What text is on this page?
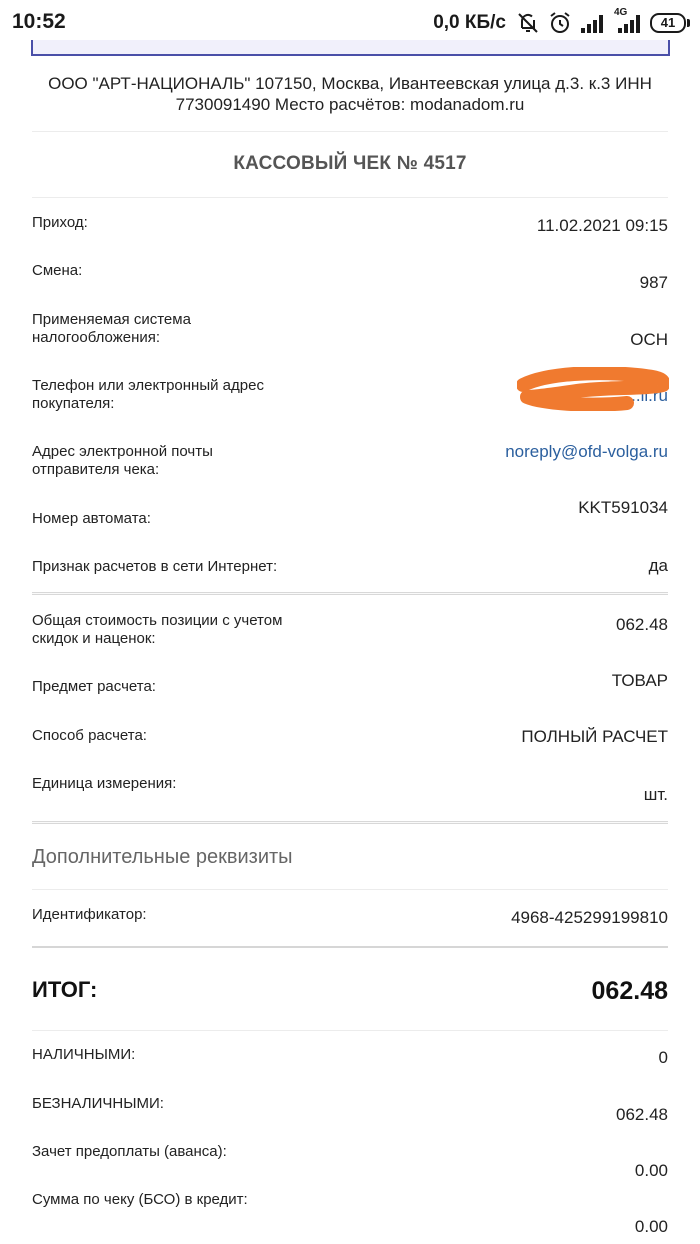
10:52	0,0 КБ/с	4G
41
ООО "АРТ-НАЦИОНАЛЬ" 107150, Москва, Ивантеевская улица д.3. к.3 ИНН 7730091490 Место расчётов: modanadom.ru
КАССОВЫЙ ЧЕК № 4517
Приход:	11.02.2021 09:15
Смена:
987
Применяемая система налогообложения:	ОСН
Телефон или электронный адрес покупателя:	...il.ru
Адрес электронной почты отправителя чека:
noreply@ofd-volga.ru
Номер автомата:
KKT591034
Признак расчетов в сети Интернет:	да
Общая стоимость позиции с учетом скидок и наценок:
062.48
Предмет расчета:	ТОВАР
Способ расчета:	ПОЛНЫЙ РАСЧЕТ
Единица измерения:
шт.
Дополнительные реквизиты
Идентификатор:	4968-425299199810
ИТОГ:	062.48
НАЛИЧНЫМИ:	0
БЕЗНАЛИЧНЫМИ:
062.48
Зачет предоплаты (аванса):
0.00
Сумма по чеку (БСО) в кредит:
0.00
